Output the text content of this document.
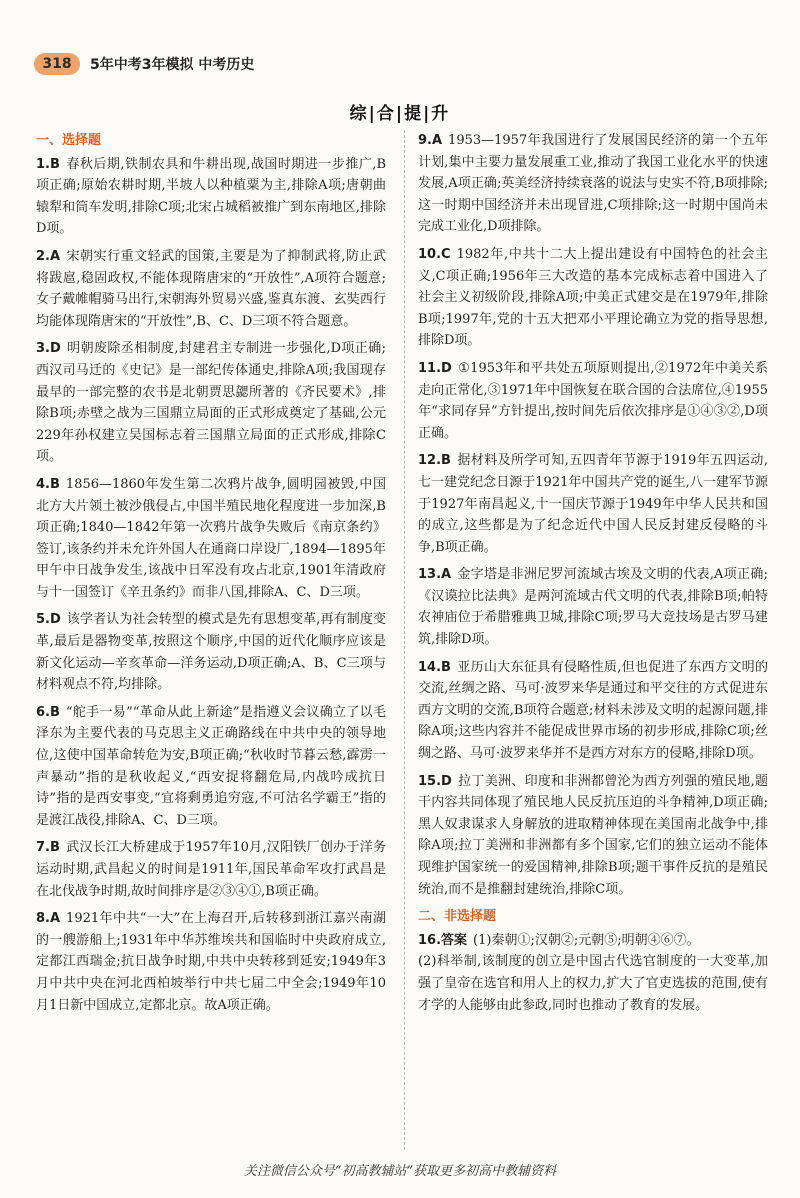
318	5年中考3年模拟 中考历史
综|合|提|升
一、选择题
1.B 春秋后期,铁制农具和牛耕出现,战国时期进一步推广,B项正确;原始农耕时期,半坡人以种植粟为主,排除A项;唐朝曲辕犁和筒车发明,排除C项;北宋占城稻被推广到东南地区,排除D项。
2.A 宋朝实行重文轻武的国策,主要是为了抑制武将,防止武将跋扈,稳固政权,不能体现隋唐宋的“开放性”,A项符合题意;女子戴帷帽骑马出行,宋朝海外贸易兴盛,鉴真东渡、玄奘西行均能体现隋唐宋的“开放性”,B、C、D三项不符合题意。
3.D 明朝废除丞相制度,封建君主专制进一步强化,D项正确;西汉司马迁的《史记》是一部纪传体通史,排除A项;我国现存最早的一部完整的农书是北朝贾思勰所著的《齐民要术》,排除B项;赤壁之战为三国鼎立局面的正式形成奠定了基础,公元229年孙权建立吴国标志着三国鼎立局面的正式形成,排除C项。
4.B 1856—1860年发生第二次鸦片战争,圆明园被毁,中国北方大片领土被沙俄侵占,中国半殖民地化程度进一步加深,B项正确;1840—1842年第一次鸦片战争失败后《南京条约》签订,该条约并未允许外国人在通商口岸设厂,1894—1895年甲午中日战争发生,该战中日军没有攻占北京,1901年清政府与十一国签订《辛丑条约》而非八国,排除A、C、D三项。
5.D 该学者认为社会转型的模式是先有思想变革,再有制度变革,最后是器物变革,按照这个顺序,中国的近代化顺序应该是新文化运动—辛亥革命—洋务运动,D项正确;A、B、C三项与材料观点不符,均排除。
6.B “舵手一易”“革命从此上新途”是指遵义会议确立了以毛泽东为主要代表的马克思主义正确路线在中共中央的领导地位,这使中国革命转危为安,B项正确;“秋收时节暮云愁,霹雳一声暴动”指的是秋收起义,“西安捉将翻危局,内战吟成抗日诗”指的是西安事变,“宜将剩勇追穷寇,不可沽名学霸王”指的是渡江战役,排除A、C、D三项。
7.B 武汉长江大桥建成于1957年10月,汉阳铁厂创办于洋务运动时期,武昌起义的时间是1911年,国民革命军攻打武昌是在北伐战争时期,故时间排序是②③④①,B项正确。
8.A 1921年中共“一大”在上海召开,后转移到浙江嘉兴南湖的一艘游船上;1931年中华苏维埃共和国临时中央政府成立,定都江西瑞金;抗日战争时期,中共中央转移到延安;1949年3月中共中央在河北西柏坡举行中共七届二中全会;1949年10月1日新中国成立,定都北京。故A项正确。
9.A 1953—1957年我国进行了发展国民经济的第一个五年计划,集中主要力量发展重工业,推动了我国工业化水平的快速发展,A项正确;英美经济持续衰落的说法与史实不符,B项排除;这一时期中国经济并未出现冒进,C项排除;这一时期中国尚未完成工业化,D项排除。
10.C 1982年,中共十二大上提出建设有中国特色的社会主义,C项正确;1956年三大改造的基本完成标志着中国进入了社会主义初级阶段,排除A项;中美正式建交是在1979年,排除B项;1997年,党的十五大把邓小平理论确立为党的指导思想,排除D项。
11.D ①1953年和平共处五项原则提出,②1972年中美关系走向正常化,③1971年中国恢复在联合国的合法席位,④1955年“求同存异”方针提出,按时间先后依次排序是①④③②,D项正确。
12.B 据材料及所学可知,五四青年节源于1919年五四运动,七一建党纪念日源于1921年中国共产党的诞生,八一建军节源于1927年南昌起义,十一国庆节源于1949年中华人民共和国的成立,这些都是为了纪念近代中国人民反封建反侵略的斗争,B项正确。
13.A 金字塔是非洲尼罗河流域古埃及文明的代表,A项正确;《汉谟拉比法典》是两河流域古代文明的代表,排除B项;帕特农神庙位于希腊雅典卫城,排除C项;罗马大竞技场是古罗马建筑,排除D项。
14.B 亚历山大东征具有侵略性质,但也促进了东西方文明的交流,丝绸之路、马可·波罗来华是通过和平交往的方式促进东西方文明的交流,B项符合题意;材料未涉及文明的起源问题,排除A项;这些内容并不能促成世界市场的初步形成,排除C项;丝绸之路、马可·波罗来华并不是西方对东方的侵略,排除D项。
15.D 拉丁美洲、印度和非洲都曾沦为西方列强的殖民地,题干内容共同体现了殖民地人民反抗压迫的斗争精神,D项正确;黑人奴隶谋求人身解放的进取精神体现在美国南北战争中,排除A项;拉丁美洲和非洲都有多个国家,它们的独立运动不能体现维护国家统一的爱国精神,排除B项;题干事件反抗的是殖民统治,而不是推翻封建统治,排除C项。
二、非选择题
16.答案 (1)秦朝①;汉朝②;元朝⑤;明朝④⑥⑦。
(2)科举制,该制度的创立是中国古代选官制度的一大变革,加强了皇帝在选官和用人上的权力,扩大了官吏选拔的范围,使有才学的人能够由此参政,同时也推动了教育的发展。
关注微信公众号“初高教辅站”获取更多初高中教辅资料
